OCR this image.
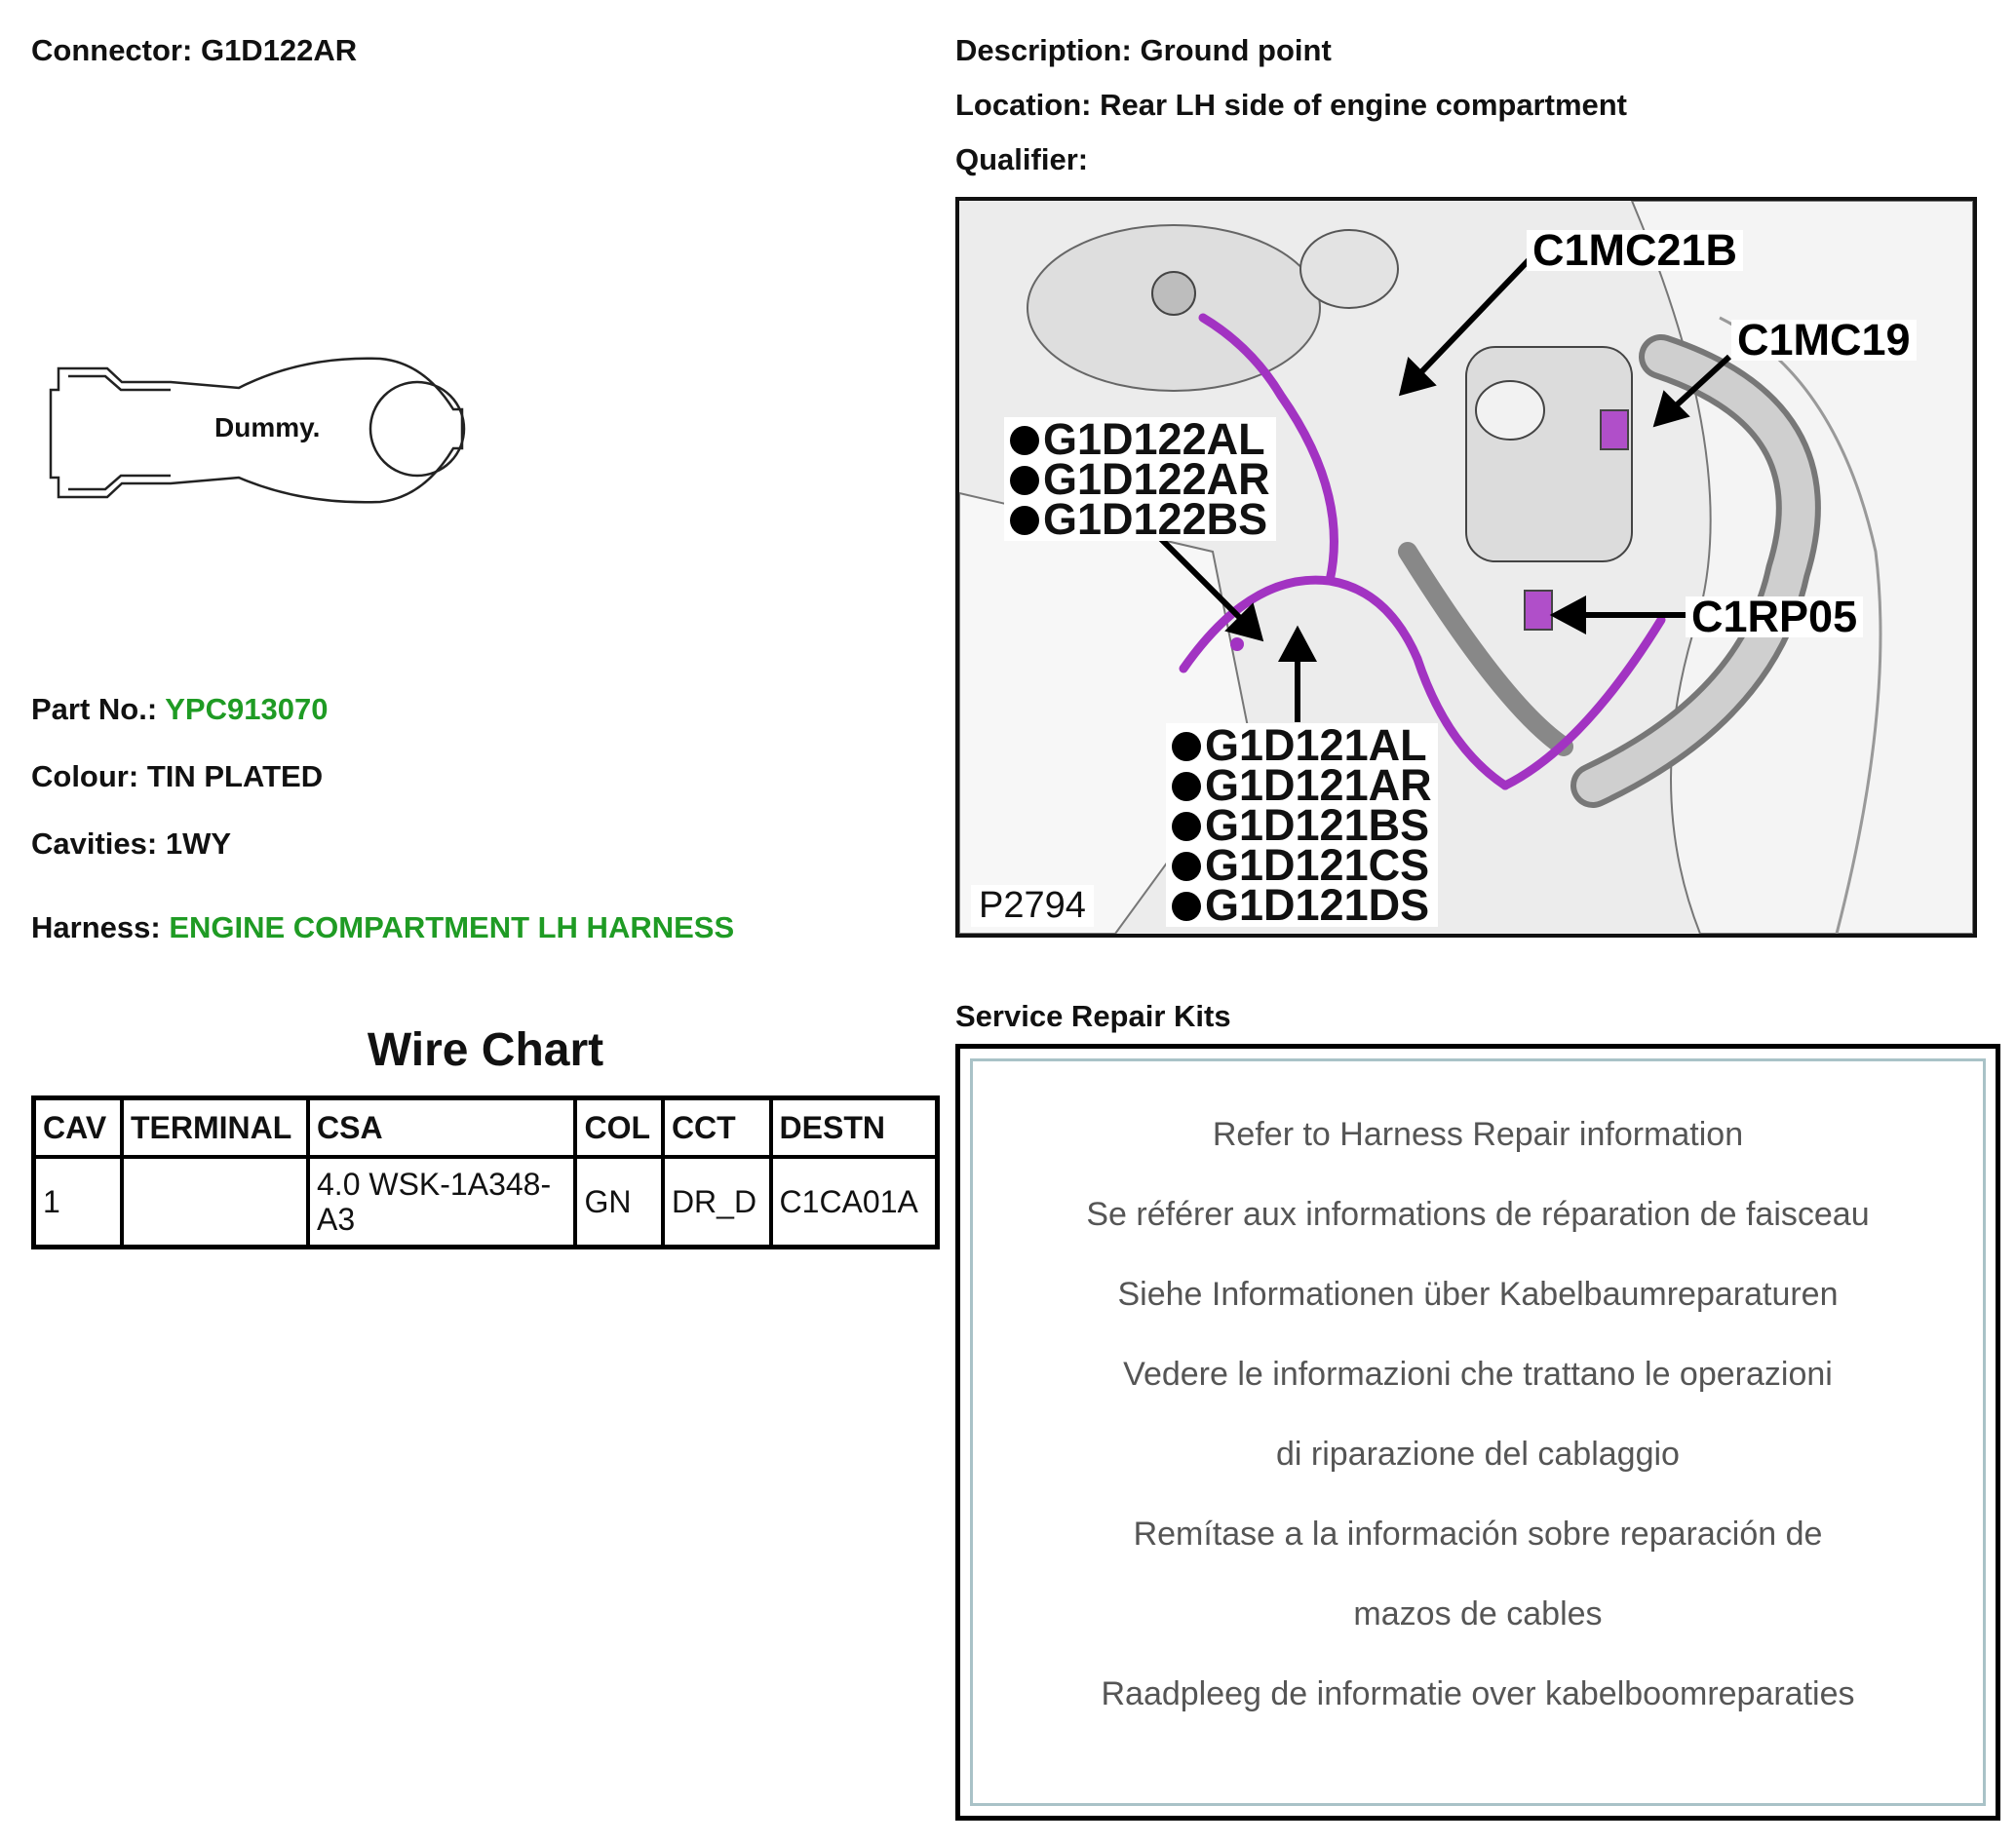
Connector: G1D122AR
Dummy.
Part No.: YPC913070
Colour: TIN PLATED
Cavities: 1WY
Harness: ENGINE COMPARTMENT LH HARNESS
Wire Chart
CAV	TERMINAL	CSA	COL	CCT	DESTN
1		4.0 WSK-1A348-A3	GN	DR_D	C1CA01A
Description: Ground point
Location: Rear LH side of engine compartment
Qualifier:
C1MC21B
C1MC19
C1RP05
G1D122AL
G1D122AR
G1D122BS
G1D121AL
G1D121AR
G1D121BS
G1D121CS
G1D121DS
P2794
Service Repair Kits
Refer to Harness Repair information
Se référer aux informations de réparation de faisceau
Siehe Informationen über Kabelbaumreparaturen
Vedere le informazioni che trattano le operazioni
di riparazione del cablaggio
Remítase a la información sobre reparación de
mazos de cables
Raadpleeg de informatie over kabelboomreparaties
